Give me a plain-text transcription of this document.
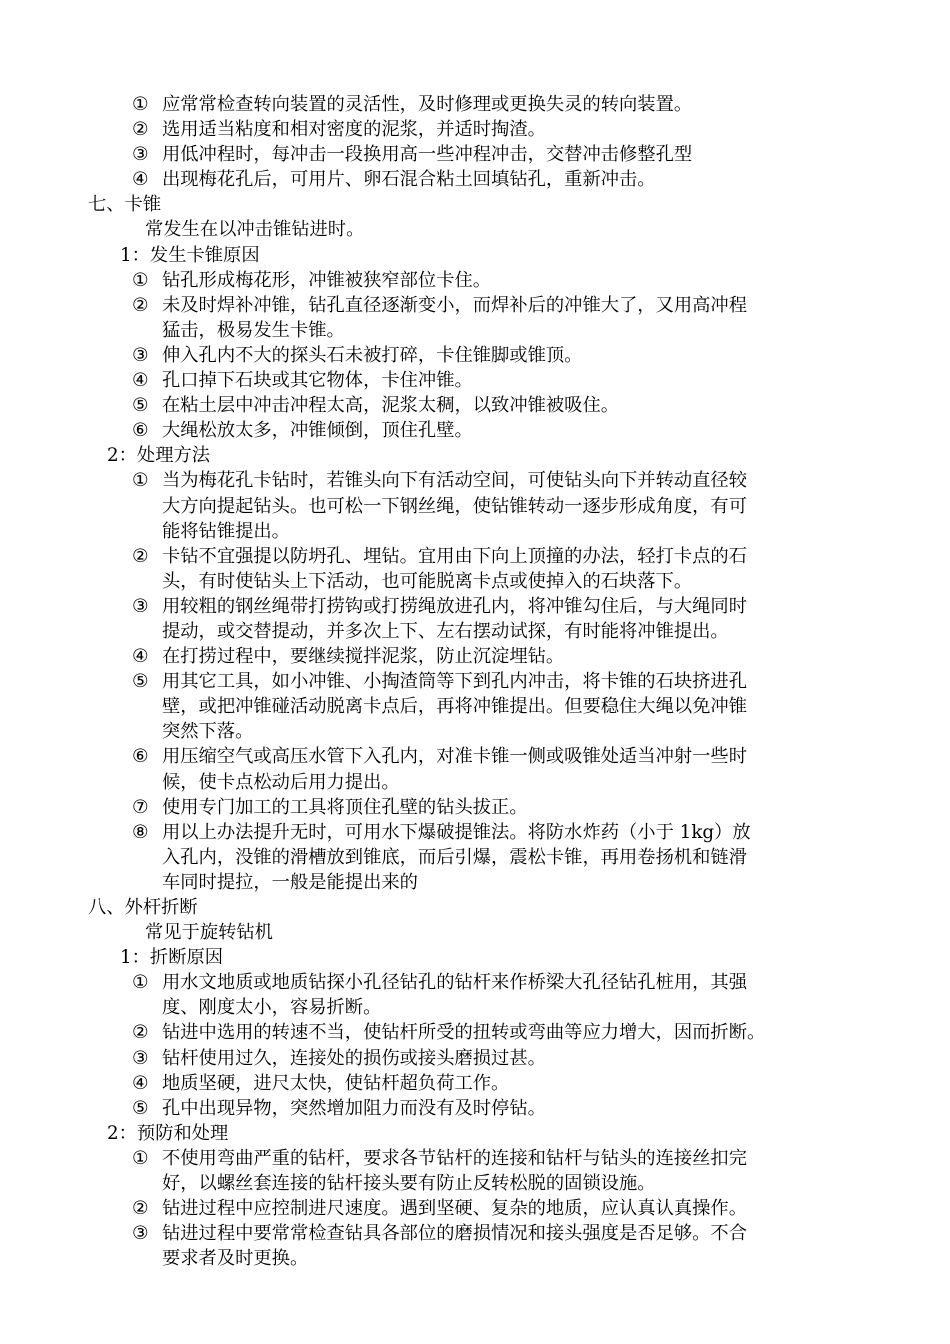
① 应常常检查转向装置的灵活性，及时修理或更换失灵的转向装置。
② 选用适当粘度和相对密度的泥浆，并适时掏渣。
③ 用低冲程时，每冲击一段换用高一些冲程冲击，交替冲击修整孔型
④ 出现梅花孔后，可用片、卵石混合粘土回填钻孔，重新冲击。
七、卡锥
常发生在以冲击锥钻进时。
1：发生卡锥原因
① 钻孔形成梅花形，冲锥被狭窄部位卡住。
② 未及时焊补冲锥，钻孔直径逐渐变小，而焊补后的冲锥大了，又用高冲程
猛击，极易发生卡锥。
③ 伸入孔内不大的探头石未被打碎，卡住锥脚或锥顶。
④ 孔口掉下石块或其它物体，卡住冲锥。
⑤ 在粘土层中冲击冲程太高，泥浆太稠，以致冲锥被吸住。
⑥ 大绳松放太多，冲锥倾倒，顶住孔壁。
2：处理方法
① 当为梅花孔卡钻时，若锥头向下有活动空间，可使钻头向下并转动直径较
大方向提起钻头。也可松一下钢丝绳，使钻锥转动一逐步形成角度，有可
能将钻锥提出。
② 卡钻不宜强提以防坍孔、埋钻。宜用由下向上顶撞的办法，轻打卡点的石
头，有时使钻头上下活动，也可能脱离卡点或使掉入的石块落下。
③ 用较粗的钢丝绳带打捞钩或打捞绳放进孔内，将冲锥勾住后，与大绳同时
提动，或交替提动，并多次上下、左右摆动试探，有时能将冲锥提出。
④ 在打捞过程中，要继续搅拌泥浆，防止沉淀埋钻。
⑤ 用其它工具，如小冲锥、小掏渣筒等下到孔内冲击，将卡锥的石块挤进孔
壁，或把冲锥碰活动脱离卡点后，再将冲锥提出。但要稳住大绳以免冲锥
突然下落。
⑥ 用压缩空气或高压水管下入孔内，对准卡锥一侧或吸锥处适当冲射一些时
候，使卡点松动后用力提出。
⑦ 使用专门加工的工具将顶住孔壁的钻头拔正。
⑧ 用以上办法提升无时，可用水下爆破提锥法。将防水炸药（小于 1kg）放
入孔内，没锥的滑槽放到锥底，而后引爆，震松卡锥，再用卷扬机和链滑
车同时提拉，一般是能提出来的
八、外杆折断
常见于旋转钻机
1：折断原因
① 用水文地质或地质钻探小孔径钻孔的钻杆来作桥梁大孔径钻孔桩用，其强
度、刚度太小，容易折断。
② 钻进中选用的转速不当，使钻杆所受的扭转或弯曲等应力增大，因而折断。
③ 钻杆使用过久，连接处的损伤或接头磨损过甚。
④ 地质坚硬，进尺太快，使钻杆超负荷工作。
⑤ 孔中出现异物，突然增加阻力而没有及时停钻。
2：预防和处理
① 不使用弯曲严重的钻杆，要求各节钻杆的连接和钻杆与钻头的连接丝扣完
好，以螺丝套连接的钻杆接头要有防止反转松脱的固锁设施。
② 钻进过程中应控制进尺速度。遇到坚硬、复杂的地质，应认真认真操作。
③ 钻进过程中要常常检查钻具各部位的磨损情况和接头强度是否足够。不合
要求者及时更换。
